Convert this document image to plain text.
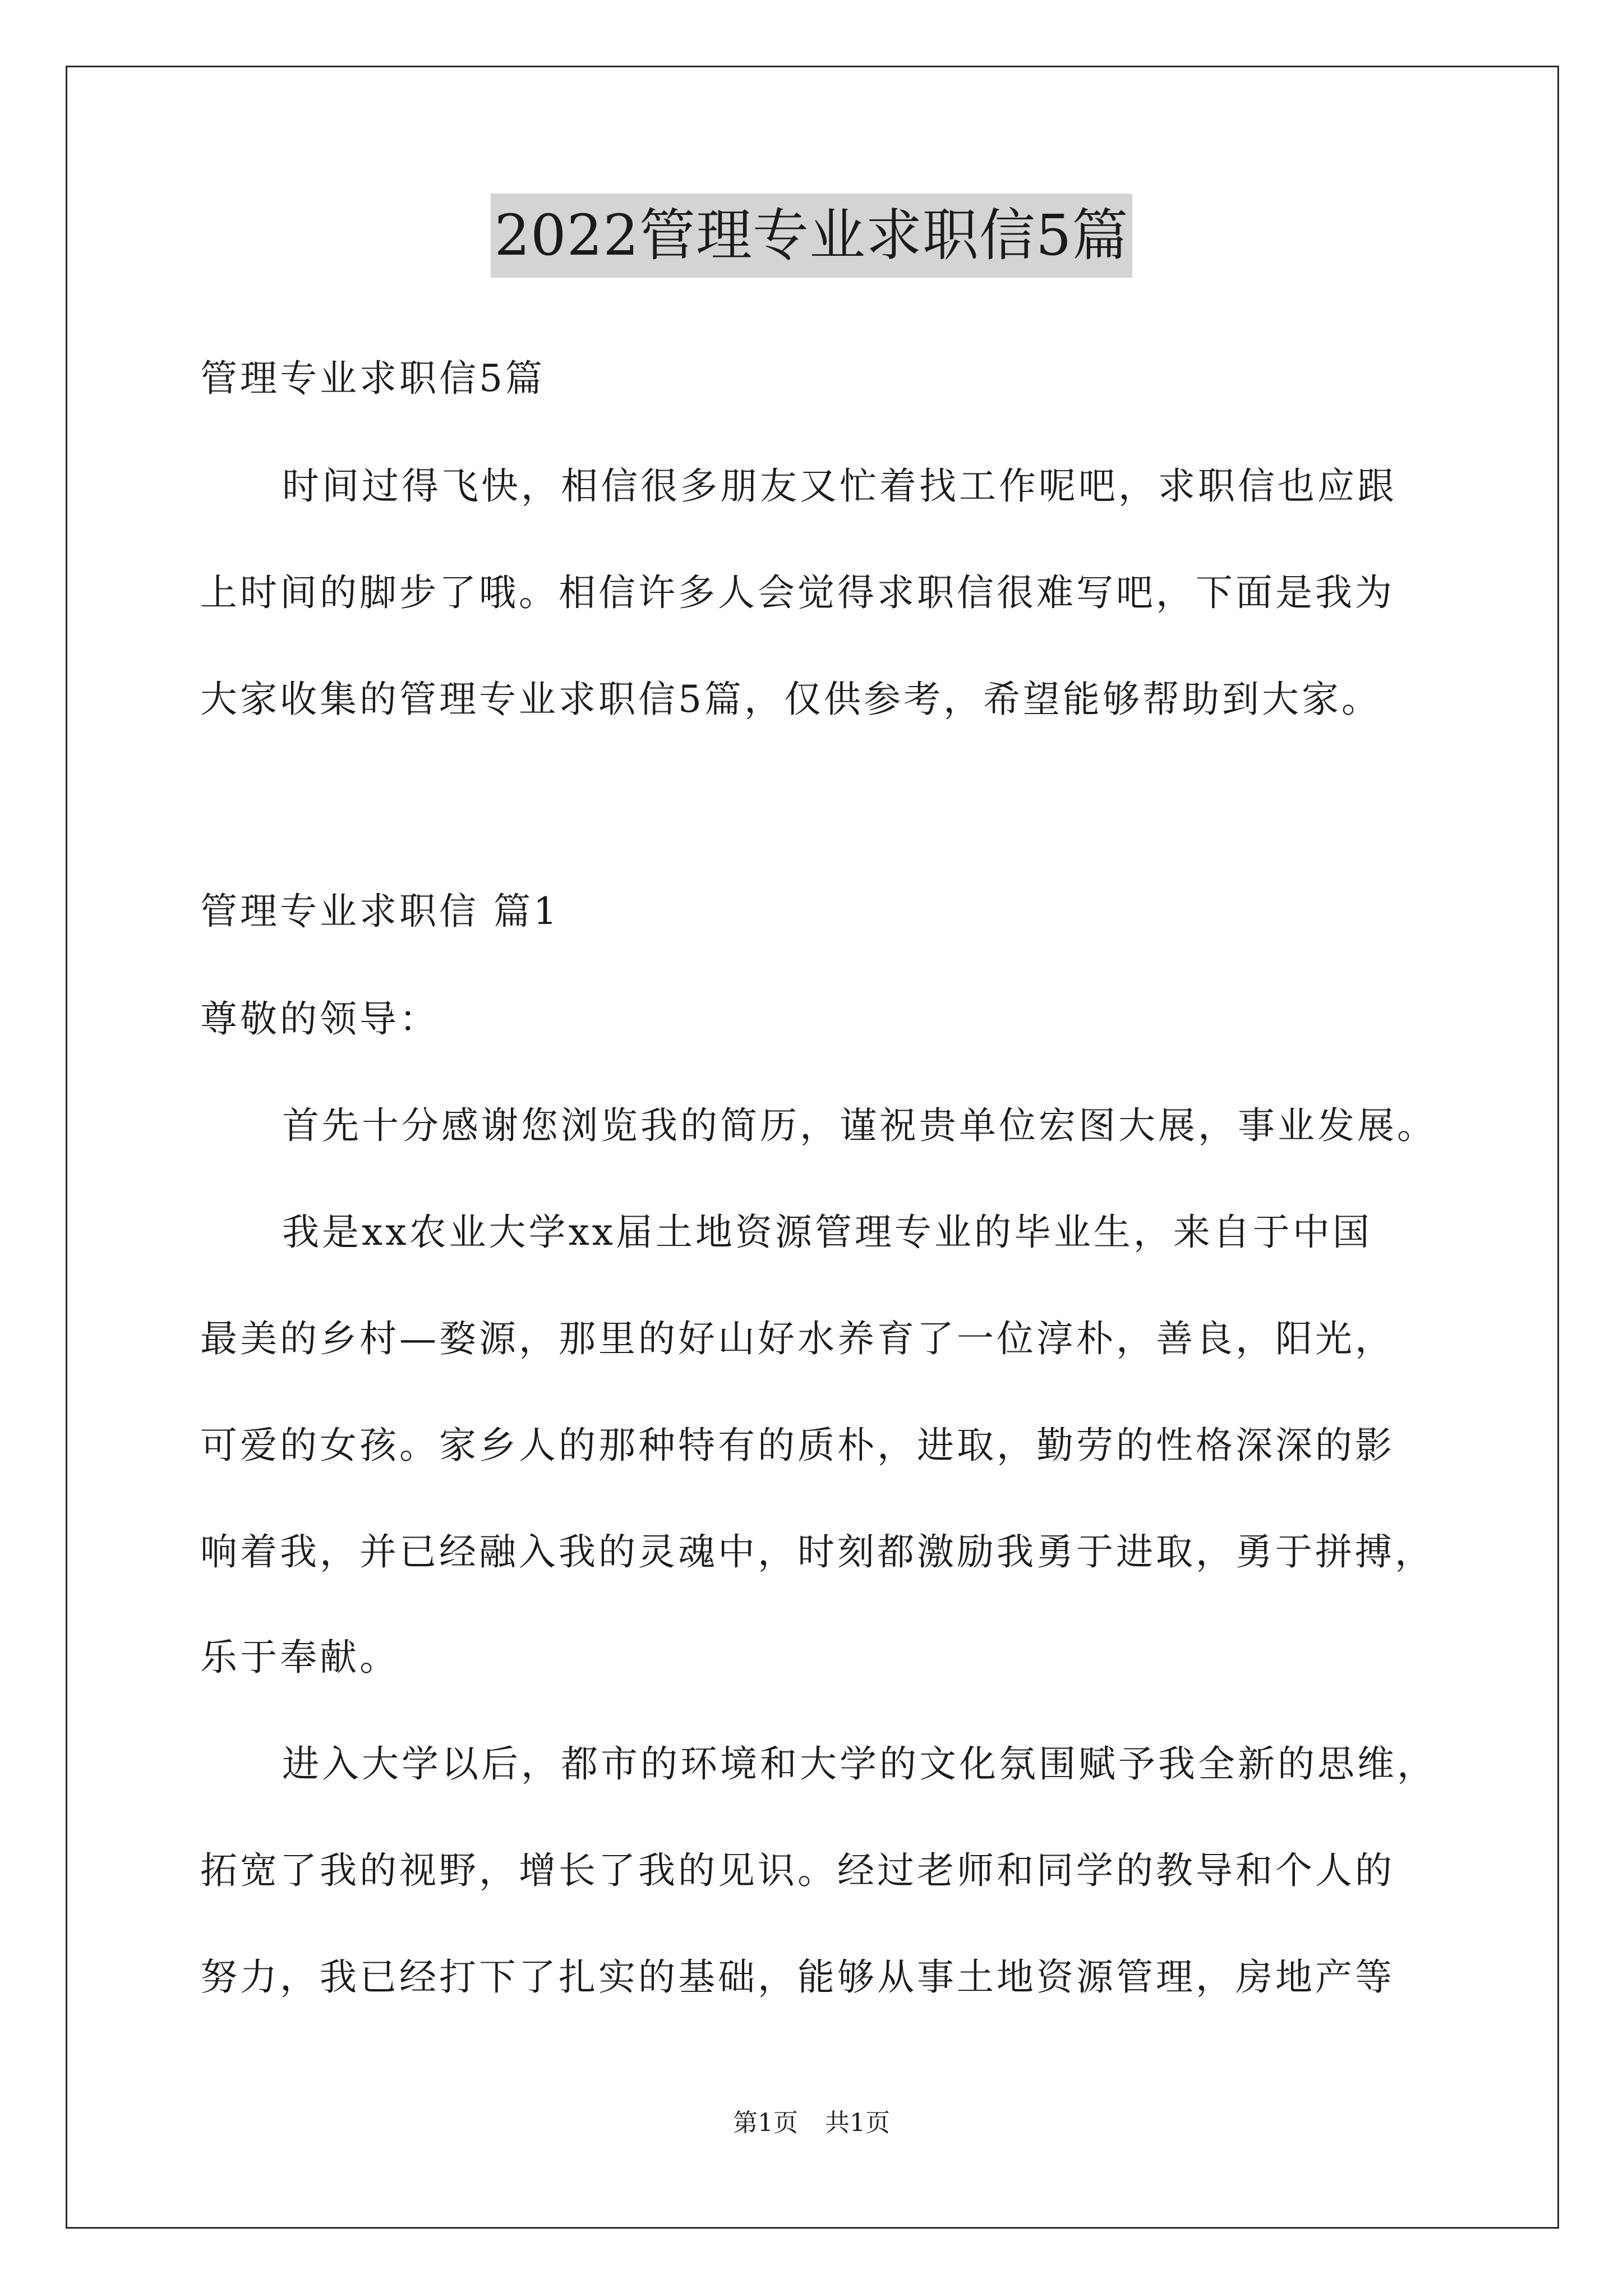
2022管理专业求职信5篇
管理专业求职信5篇
时间过得飞快，相信很多朋友又忙着找工作呢吧，求职信也应跟
上时间的脚步了哦。相信许多人会觉得求职信很难写吧，下面是我为
大家收集的管理专业求职信5篇，仅供参考，希望能够帮助到大家。
管理专业求职信 篇1
尊敬的领导：
首先十分感谢您浏览我的简历，谨祝贵单位宏图大展，事业发展。
我是xx农业大学xx届土地资源管理专业的毕业生，来自于中国
最美的乡村—婺源，那里的好山好水养育了一位淳朴，善良，阳光，
可爱的女孩。家乡人的那种特有的质朴，进取，勤劳的性格深深的影
响着我，并已经融入我的灵魂中，时刻都激励我勇于进取，勇于拼搏，
乐于奉献。
进入大学以后，都市的环境和大学的文化氛围赋予我全新的思维，
拓宽了我的视野，增长了我的见识。经过老师和同学的教导和个人的
努力，我已经打下了扎实的基础，能够从事土地资源管理，房地产等
第1页 共1页
